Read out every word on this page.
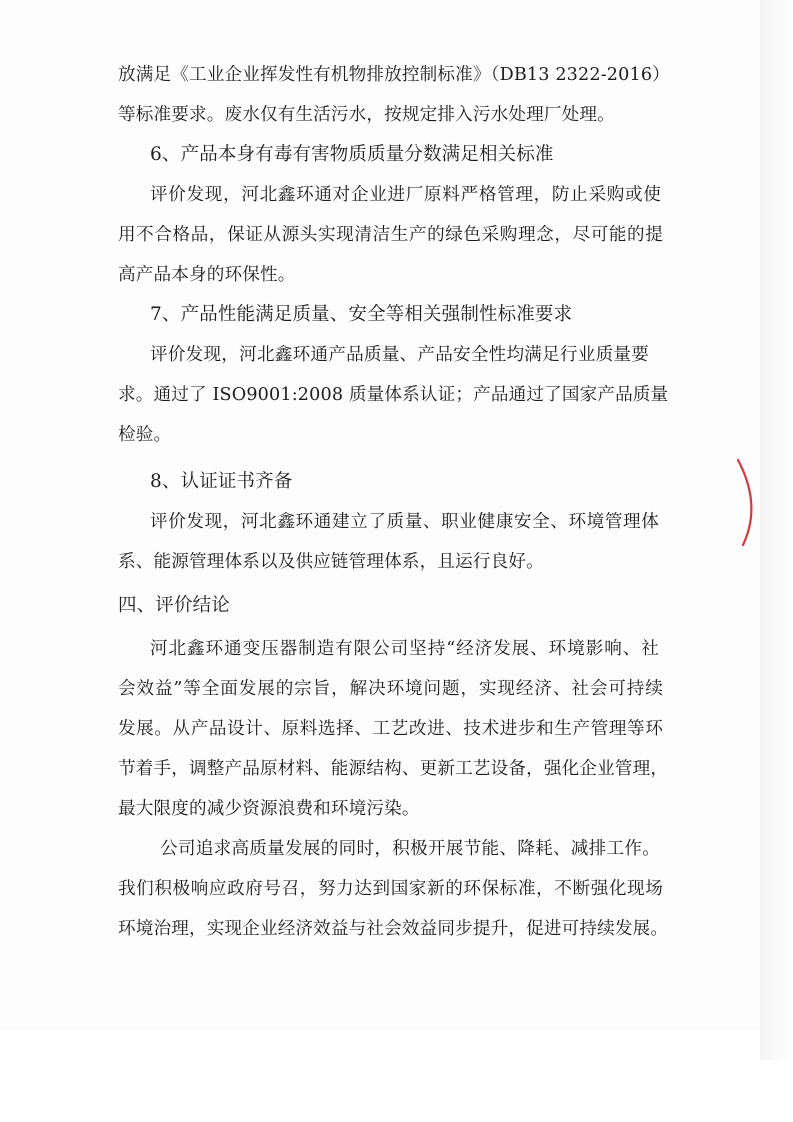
放满足《工业企业挥发性有机物排放控制标准》（DB13 2322-2016）

等标准要求。废水仅有生活污水，按规定排入污水处理厂处理。

6、产品本身有毒有害物质质量分数满足相关标准

评价发现，河北鑫环通对企业进厂原料严格管理，防止采购或使

用不合格品，保证从源头实现清洁生产的绿色采购理念，尽可能的提

高产品本身的环保性。

7、产品性能满足质量、安全等相关强制性标准要求

评价发现，河北鑫环通产品质量、产品安全性均满足行业质量要

求。通过了 ISO9001:2008 质量体系认证；产品通过了国家产品质量

检验。

8、认证证书齐备

评价发现，河北鑫环通建立了质量、职业健康安全、环境管理体

系、能源管理体系以及供应链管理体系，且运行良好。

四、评价结论

河北鑫环通变压器制造有限公司坚持“经济发展、环境影响、社

会效益”等全面发展的宗旨，解决环境问题，实现经济、社会可持续

发展。从产品设计、原料选择、工艺改进、技术进步和生产管理等环

节着手，调整产品原材料、能源结构、更新工艺设备，强化企业管理，

最大限度的减少资源浪费和环境污染。

公司追求高质量发展的同时，积极开展节能、降耗、减排工作。

我们积极响应政府号召，努力达到国家新的环保标准，不断强化现场

环境治理，实现企业经济效益与社会效益同步提升，促进可持续发展。
